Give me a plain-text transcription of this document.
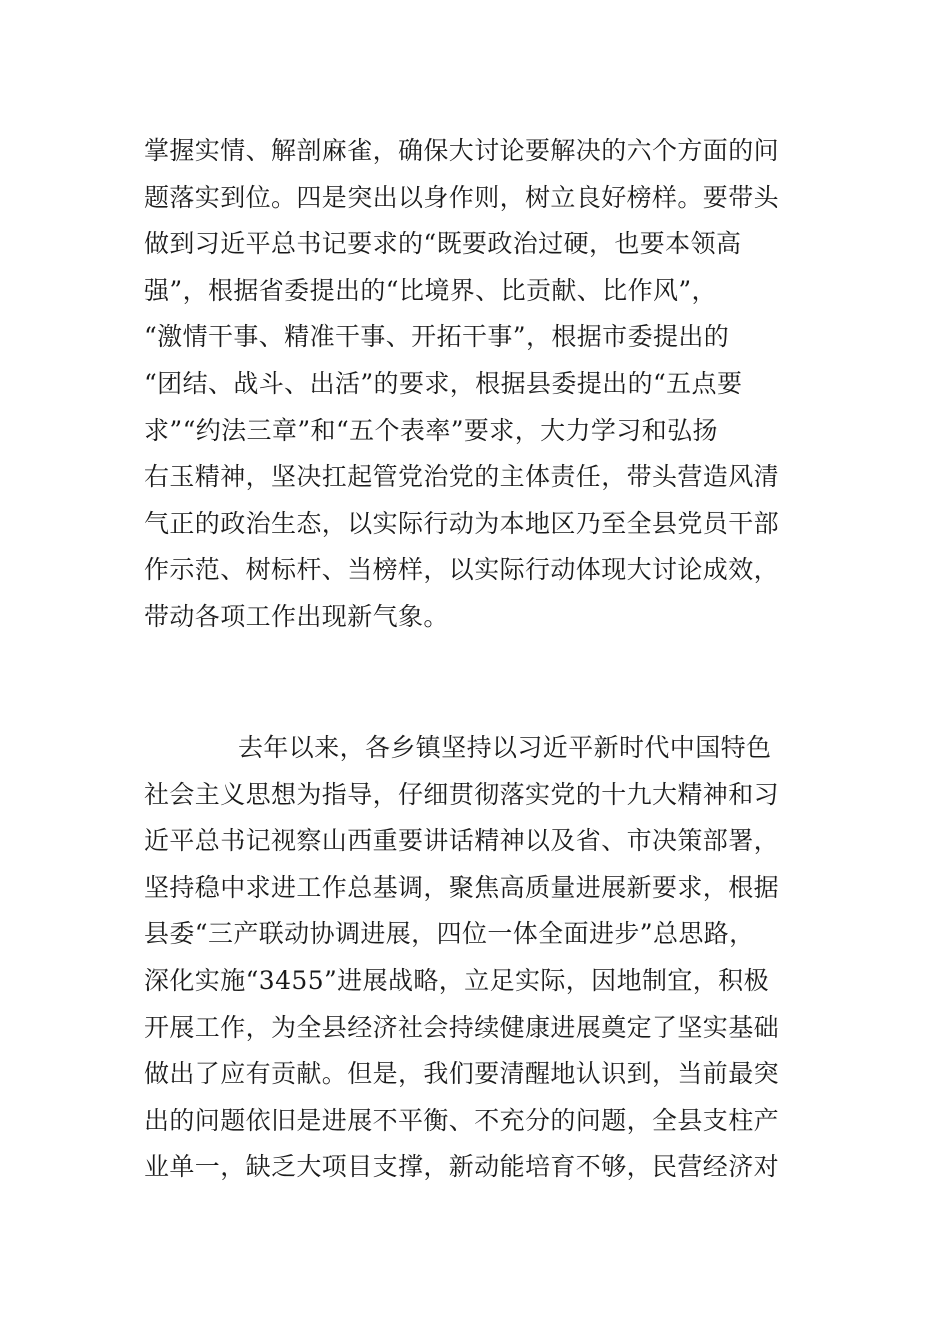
掌握实情、解剖麻雀，确保大讨论要解决的六个方面的问
题落实到位。四是突出以身作则，树立良好榜样。要带头
做到习近平总书记要求的“既要政治过硬，也要本领高
强”，根据省委提出的“比境界、比贡献、比作风”，
“激情干事、精准干事、开拓干事”，根据市委提出的
“团结、战斗、出活”的要求，根据县委提出的“五点要
求”“约法三章”和“五个表率”要求，大力学习和弘扬
右玉精神，坚决扛起管党治党的主体责任，带头营造风清
气正的政治生态，以实际行动为本地区乃至全县党员干部
作示范、树标杆、当榜样，以实际行动体现大讨论成效，
带动各项工作出现新气象。
去年以来，各乡镇坚持以习近平新时代中国特色
社会主义思想为指导，仔细贯彻落实党的十九大精神和习
近平总书记视察山西重要讲话精神以及省、市决策部署，
坚持稳中求进工作总基调，聚焦高质量进展新要求，根据
县委“三产联动协调进展，四位一体全面进步”总思路，
深化实施“3455”进展战略，立足实际，因地制宜，积极
开展工作，为全县经济社会持续健康进展奠定了坚实基础
做出了应有贡献。但是，我们要清醒地认识到，当前最突
出的问题依旧是进展不平衡、不充分的问题，全县支柱产
业单一，缺乏大项目支撑，新动能培育不够，民营经济对
